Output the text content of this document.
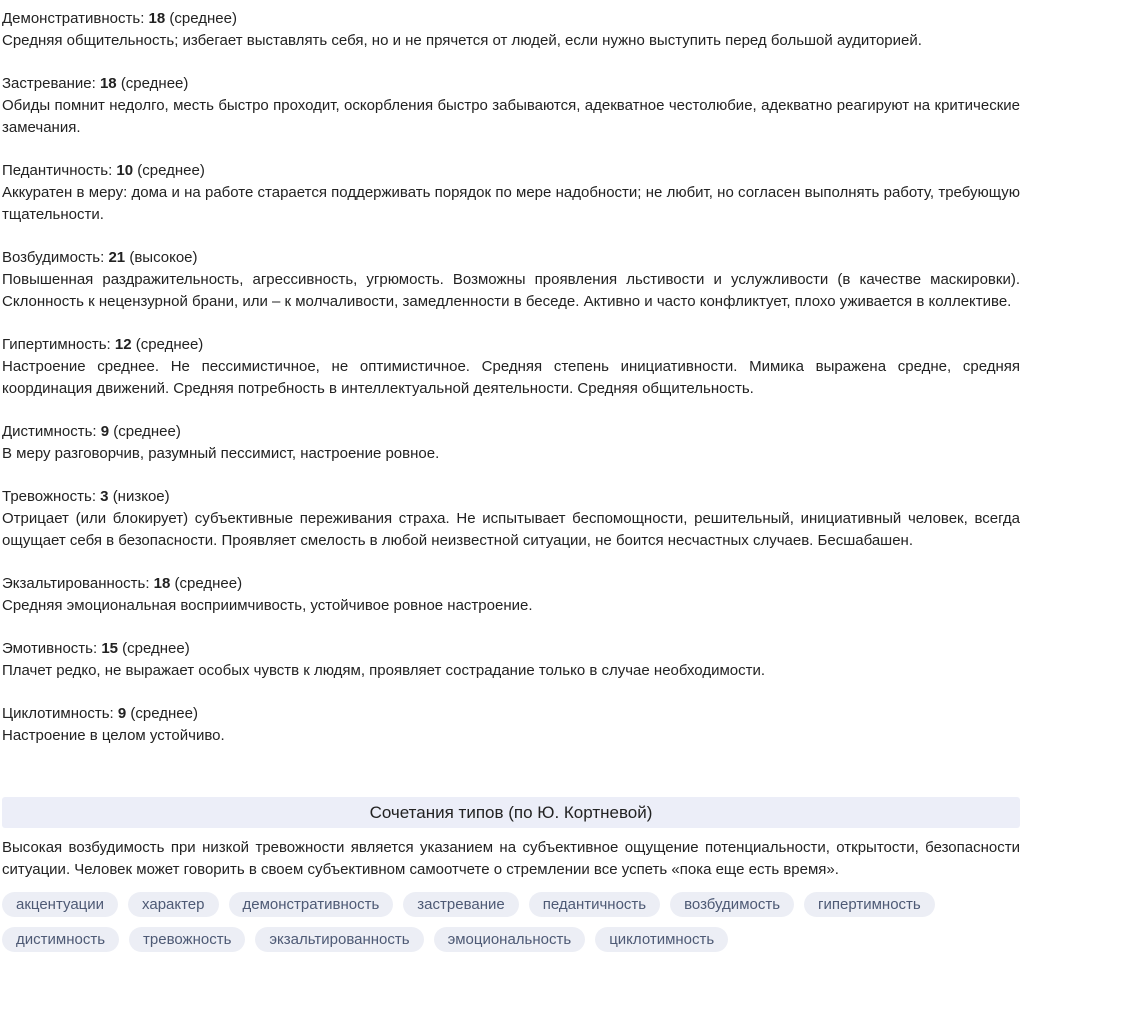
Демонстративность: 18 (среднее)
Средняя общительность; избегает выставлять себя, но и не прячется от людей, если нужно выступить перед большой аудиторией.
Застревание: 18 (среднее)
Обиды помнит недолго, месть быстро проходит, оскорбления быстро забываются, адекватное честолюбие, адекватно реагируют на критические замечания.
Педантичность: 10 (среднее)
Аккуратен в меру: дома и на работе старается поддерживать порядок по мере надобности; не любит, но согласен выполнять работу, требующую тщательности.
Возбудимость: 21 (высокое)
Повышенная раздражительность, агрессивность, угрюмость. Возможны проявления льстивости и услужливости (в качестве маскировки). Склонность к нецензурной брани, или – к молчаливости, замедленности в беседе. Активно и часто конфликтует, плохо уживается в коллективе.
Гипертимность: 12 (среднее)
Настроение среднее. Не пессимистичное, не оптимистичное. Средняя степень инициативности. Мимика выражена средне, средняя координация движений. Средняя потребность в интеллектуальной деятельности. Средняя общительность.
Дистимность: 9 (среднее)
В меру разговорчив, разумный пессимист, настроение ровное.
Тревожность: 3 (низкое)
Отрицает (или блокирует) субъективные переживания страха. Не испытывает беспомощности, решительный, инициативный человек, всегда ощущает себя в безопасности. Проявляет смелость в любой неизвестной ситуации, не боится несчастных случаев. Бесшабашен.
Экзальтированность: 18 (среднее)
Средняя эмоциональная восприимчивость, устойчивое ровное настроение.
Эмотивность: 15 (среднее)
Плачет редко, не выражает особых чувств к людям, проявляет сострадание только в случае необходимости.
Циклотимность: 9 (среднее)
Настроение в целом устойчиво.
Сочетания типов (по Ю. Кортневой)
Высокая возбудимость при низкой тревожности является указанием на субъективное ощущение потенциальности, открытости, безопасности ситуации. Человек может говорить в своем субъективном самоотчете о стремлении все успеть «пока еще есть время».
акцентуации	характер	демонстративность	застревание	педантичность	возбудимость	гипертимность
дистимность	тревожность	экзальтированность	эмоциональность	циклотимность
